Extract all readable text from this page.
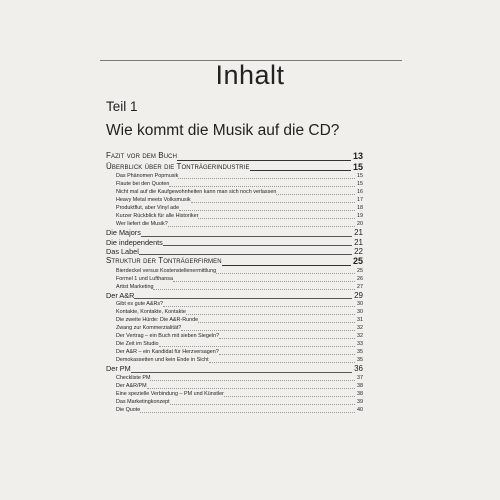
Inhalt
Teil 1
Wie kommt die Musik auf die CD?
Fazit vor dem Buch	13
Überblick über die Tonträgerindustrie	15
Das Phänomen Popmusik	15
Flaute bei den Quoten	15
Nicht mal auf die Kaufgewohnheiten kann man sich noch verlassen	16
Heavy Metal meets Volksmusik	17
Produktflut, aber Vinyl ade	18
Kurzer Rückblick für alle Historiker	19
Wer liefert die Musik?	20
Die Majors	21
Die independents	21
Das Label	22
Struktur der Tonträgerfirmen	25
Bierdeckel versus Kostenstellenermittlung	25
Formel 1 und Lufthansa	26
Artist Marketing	27
Der A&R	29
Gibt es gute A&Rs?	30
Kontakte, Kontakte, Kontakte	30
Die zweite Hürde: Die A&R-Runde	31
Zwang zur Kommerzialität?	32
Der Vertrag – ein Buch mit sieben Siegeln?	32
Die Zeit im Studio	33
Der A&R – ein Kandidat für Herzversagen?	35
Demokassetten und kein Ende in Sicht	35
Der PM	36
Checkliste PM	37
Der A&R/PM	38
Eine spezielle Verbindung – PM und Künstler	38
Das Marketingkonzept	39
Die Quote	40
